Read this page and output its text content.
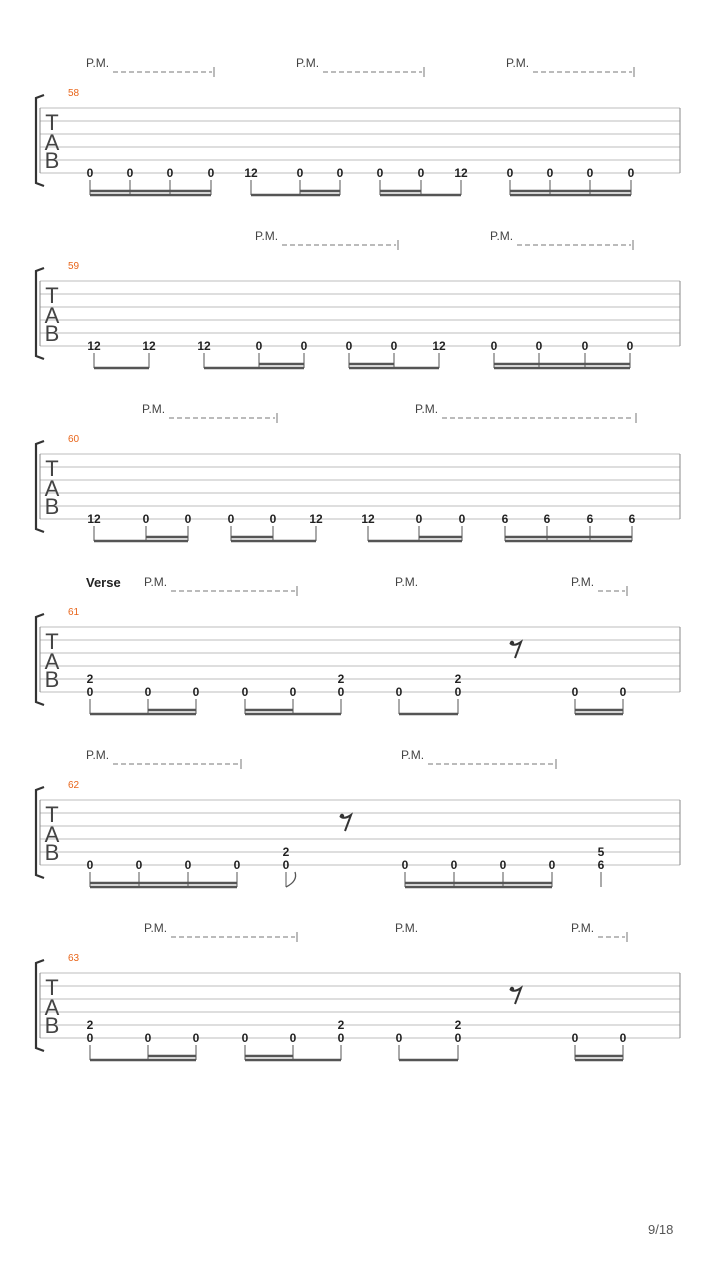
T
A
B
58
P.M.	P.M.	P.M.
0	0	0	0 12	0	0	0	0 12	0	0	0	0
T
A
B
59
P.M.	P.M.
12	12	12	0	0	0	0	12	0	0	0	0
T
A
B
60
P.M.	P.M.
12	0	0	0	0	12	12	0	0	6	6	6	6
T
A
B
61
Verse P.M.	P.M.	P.M.
2
0	0	0	0	0
2
0	0
2
0	0	0
T
A
B
62
P.M.	P.M.
0	0	0	0
2
0	0	0	0	0
5
6
T
A
B
63
P.M.	P.M.	P.M.
2
0	0	0	0	0
2
0	0
2
0	0	0
9/18
